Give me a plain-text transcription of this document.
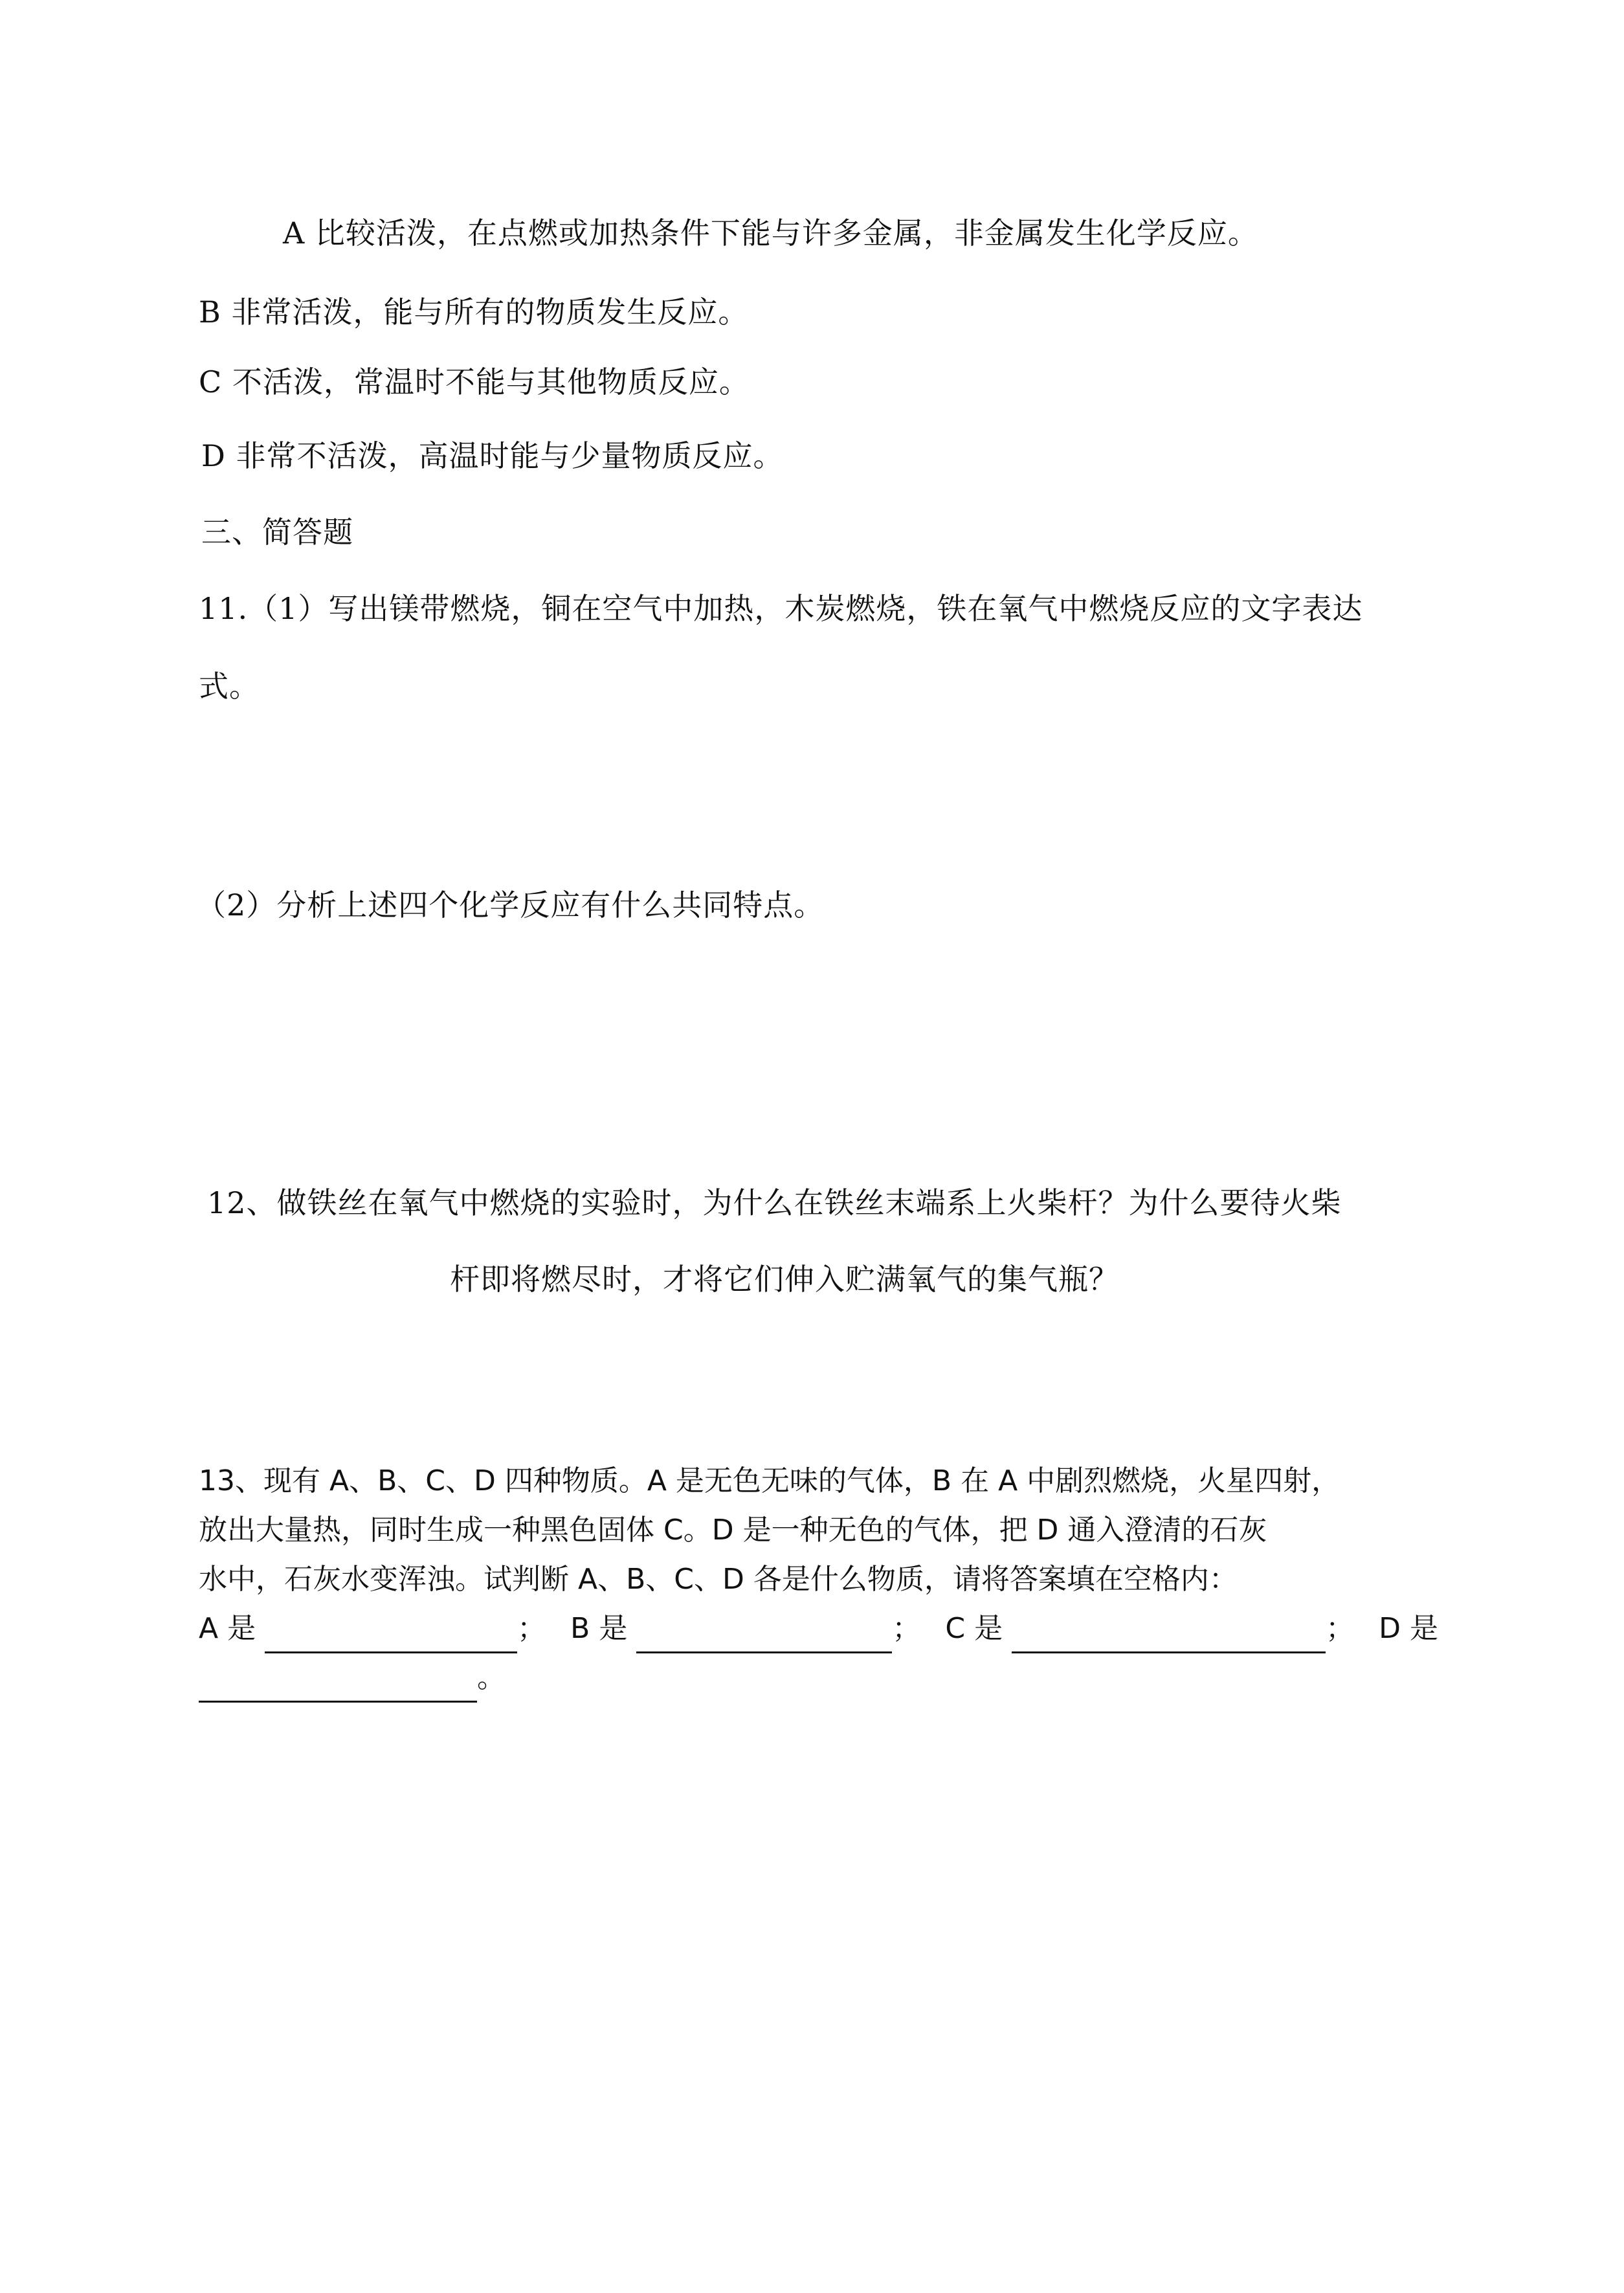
A 比较活泼，在点燃或加热条件下能与许多金属，非金属发生化学反应。
B 非常活泼，能与所有的物质发生反应。
C 不活泼，常温时不能与其他物质反应。
D 非常不活泼，高温时能与少量物质反应。
三、简答题
11.（1）写出镁带燃烧，铜在空气中加热，木炭燃烧，铁在氧气中燃烧反应的文字表达
式。
（2）分析上述四个化学反应有什么共同特点。
12、做铁丝在氧气中燃烧的实验时，为什么在铁丝末端系上火柴杆？为什么要待火柴
杆即将燃尽时，才将它们伸入贮满氧气的集气瓶？
13、现有 A、B、C、D 四种物质。A 是无色无味的气体，B 在 A 中剧烈燃烧，火星四射，
放出大量热，同时生成一种黑色固体 C。D 是一种无色的气体，把 D 通入澄清的石灰
水中，石灰水变浑浊。试判断 A、B、C、D 各是什么物质，请将答案填在空格内：
A 是	； B 是	； C 是	； D 是
。
